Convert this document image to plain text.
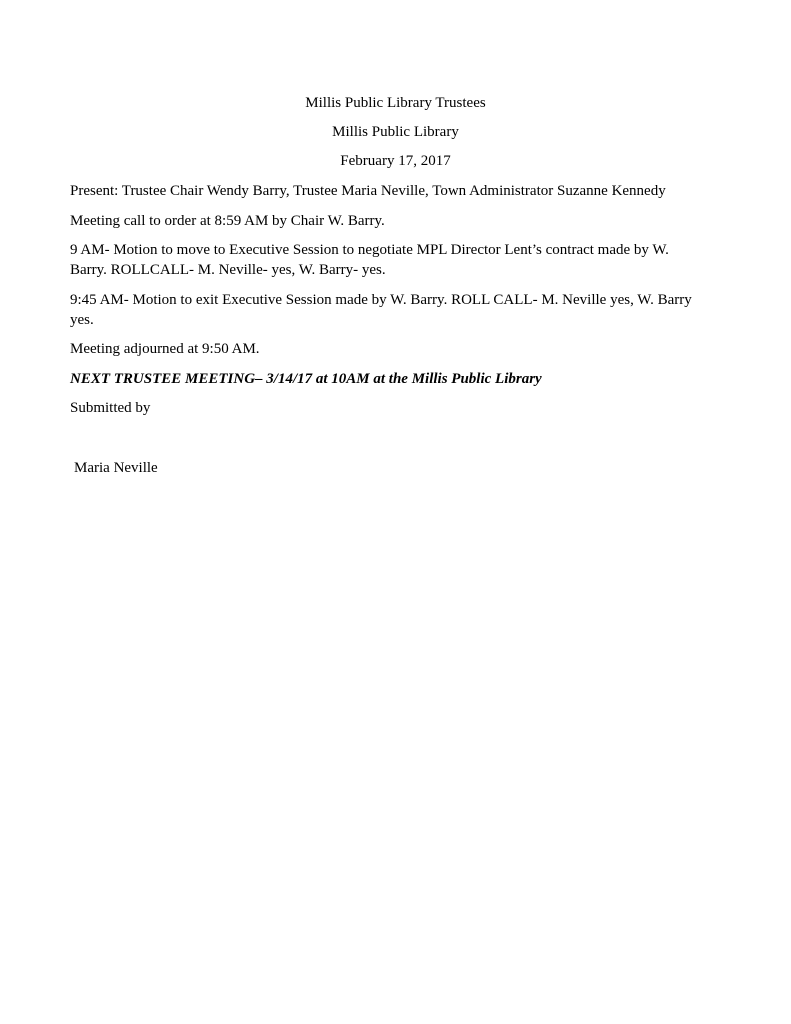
Millis Public Library Trustees
Millis Public Library
February 17, 2017
Present: Trustee Chair Wendy Barry, Trustee Maria Neville, Town Administrator Suzanne Kennedy
Meeting call to order at 8:59 AM by Chair W. Barry.
9 AM- Motion to move to Executive Session to negotiate MPL Director Lent’s contract made by W.
Barry. ROLLCALL- M. Neville- yes, W. Barry- yes.
9:45 AM- Motion to exit Executive Session made by W. Barry. ROLL CALL- M. Neville yes, W. Barry
yes.
Meeting adjourned at 9:50 AM.
NEXT TRUSTEE MEETING– 3/14/17 at 10AM at the Millis Public Library
Submitted by
Maria Neville
